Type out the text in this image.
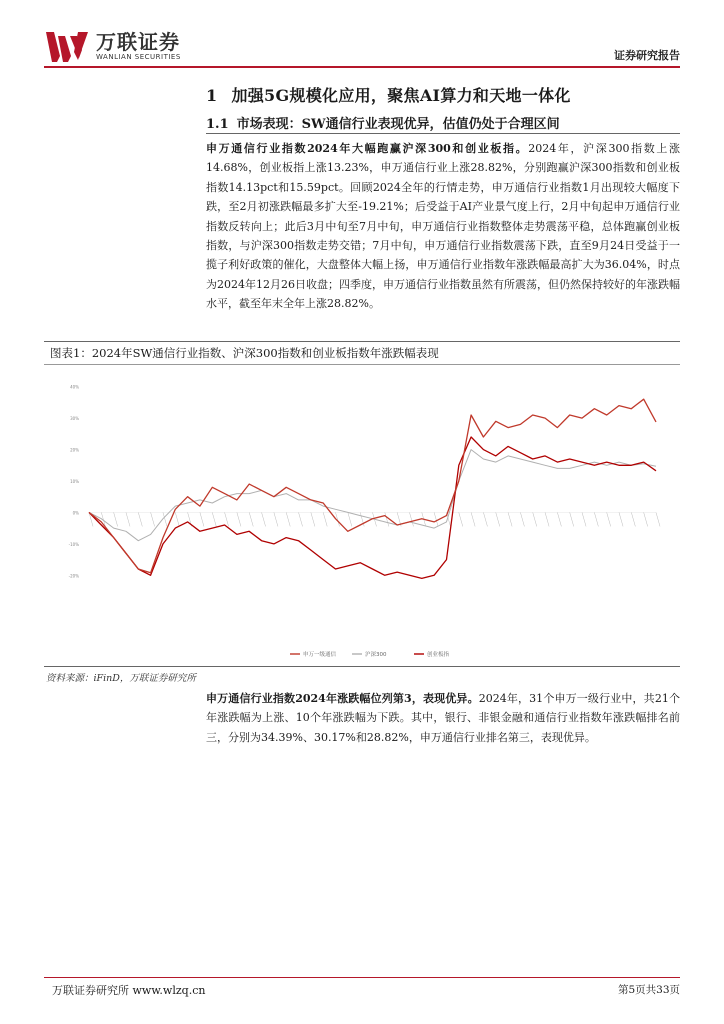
万联证券
WANLIAN SECURITIES	证券研究报告
1 加强5G规模化应用，聚焦AI算力和天地一体化
1.1 市场表现：SW通信行业表现优异，估值仍处于合理区间
申万通信行业指数2024年大幅跑赢沪深300和创业板指。2024年，沪深300指数上涨14.68%，创业板指上涨13.23%，申万通信行业上涨28.82%，分别跑赢沪深300指数和创业板指数14.13pct和15.59pct。回顾2024全年的行情走势，申万通信行业指数1月出现较大幅度下跌，至2月初涨跌幅最多扩大至-19.21%；后受益于AI产业景气度上行，2月中旬起申万通信行业指数反转向上；此后3月中旬至7月中旬，申万通信行业指数整体走势震荡平稳，总体跑赢创业板指数，与沪深300指数走势交错；7月中旬，申万通信行业指数震荡下跌，直至9月24日受益于一揽子利好政策的催化，大盘整体大幅上扬，申万通信行业指数年涨跌幅最高扩大为36.04%，时点为2024年12月26日收盘；四季度，申万通信行业指数虽然有所震荡，但仍然保持较好的年涨跌幅水平，截至年末全年上涨28.82%。
图表1：2024年SW通信行业指数、沪深300指数和创业板指数年涨跌幅表现
40%
30%
20%
10%
0%
-10%
-20%
申万一级通信	沪深300	创业板指
资料来源：iFinD，万联证券研究所
申万通信行业指数2024年涨跌幅位列第3，表现优异。2024年，31个申万一级行业中，共21个年涨跌幅为上涨、10个年涨跌幅为下跌。其中，银行、非银金融和通信行业指数年涨跌幅排名前三，分别为34.39%、30.17%和28.82%，申万通信行业排名第三，表现优异。
万联证券研究所 www.wlzq.cn	第5页共33页
